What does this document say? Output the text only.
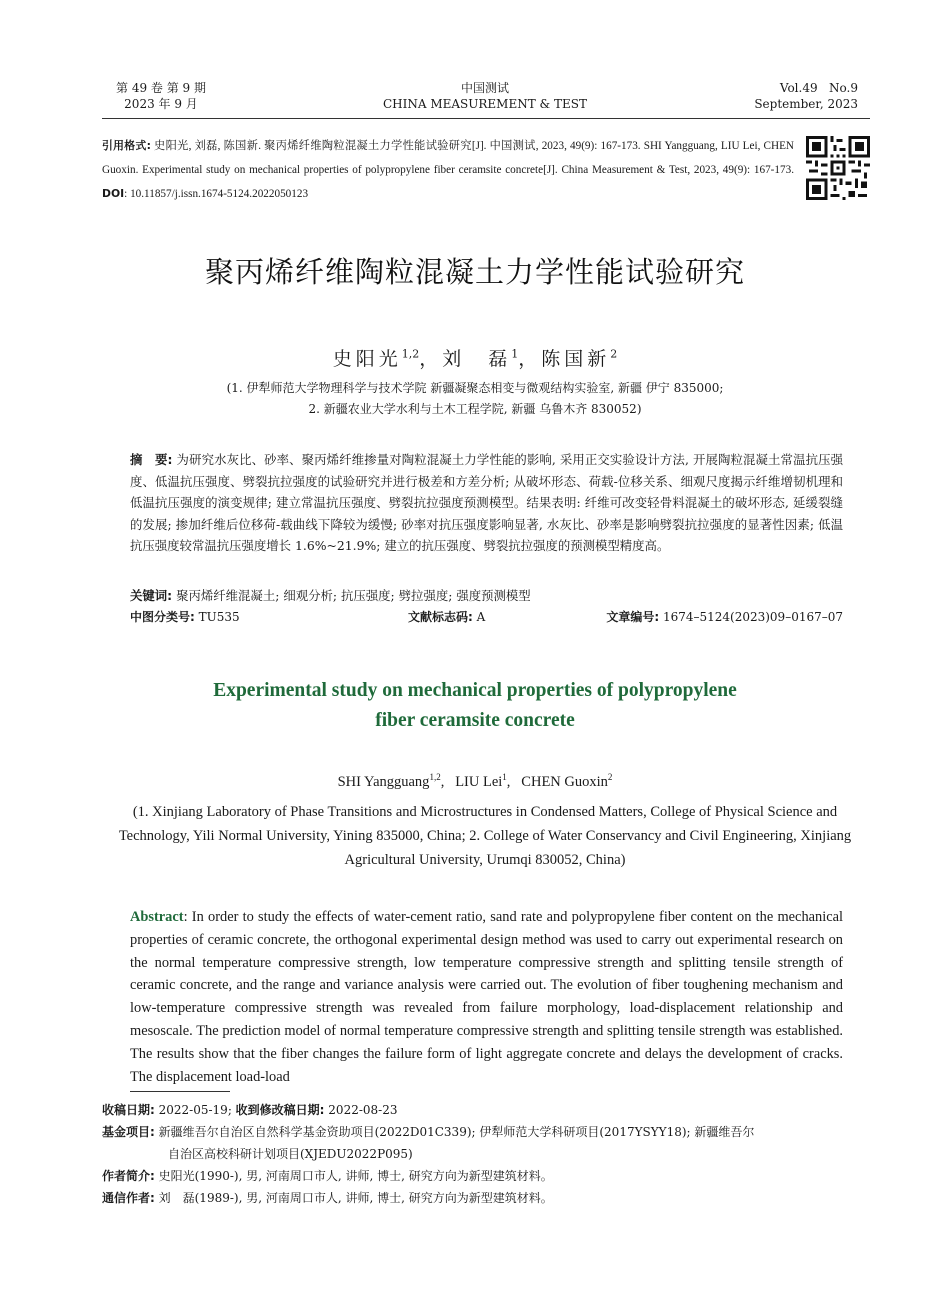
第 49 卷 第 9 期
2023 年 9 月
中国测试
CHINA MEASUREMENT & TEST
Vol.49   No.9
September, 2023
引用格式: 史阳光, 刘磊, 陈国新. 聚丙烯纤维陶粒混凝土力学性能试验研究[J]. 中国测试, 2023, 49(9): 167-173. SHI Yangguang, LIU Lei, CHEN Guoxin. Experimental study on mechanical properties of polypropylene fiber ceramsite concrete[J]. China Measurement & Test, 2023, 49(9): 167-173. DOI: 10.11857/j.issn.1674-5124.2022050123
聚丙烯纤维陶粒混凝土力学性能试验研究
史阳光$^{1,2}$，刘　磊$^1$，陈国新$^2$
(1. 伊犁师范大学物理科学与技术学院 新疆凝聚态相变与微观结构实验室, 新疆 伊宁 835000;
2. 新疆农业大学水利与土木工程学院, 新疆 乌鲁木齐 830052)
摘　要: 为研究水灰比、砂率、聚丙烯纤维掺量对陶粒混凝土力学性能的影响, 采用正交实验设计方法, 开展陶粒混凝土常温抗压强度、低温抗压强度、劈裂抗拉强度的试验研究并进行极差和方差分析; 从破坏形态、荷载-位移关系、细观尺度揭示纤维增韧机理和低温抗压强度的演变规律; 建立常温抗压强度、劈裂抗拉强度预测模型。结果表明: 纤维可改变轻骨料混凝土的破坏形态, 延缓裂缝的发展; 掺加纤维后位移荷-载曲线下降较为缓慢; 砂率对抗压强度影响显著, 水灰比、砂率是影响劈裂抗拉强度的显著性因素; 低温抗压强度较常温抗压强度增长 1.6%~21.9%; 建立的抗压强度、劈裂抗拉强度的预测模型精度高。
关键词: 聚丙烯纤维混凝土; 细观分析; 抗压强度; 劈拉强度; 强度预测模型
中图分类号: TU535	文献标志码: A	文章编号: 1674–5124(2023)09–0167–07
Experimental study on mechanical properties of polypropylene
fiber ceramsite concrete
SHI Yangguang$^{1,2}$,   LIU Lei$^1$,   CHEN Guoxin$^2$
(1. Xinjiang Laboratory of Phase Transitions and Microstructures in Condensed Matters, College of Physical Science and Technology, Yili Normal University, Yining 835000, China; 2. College of Water Conservancy and Civil Engineering, Xinjiang Agricultural University, Urumqi 830052, China)
Abstract: In order to study the effects of water-cement ratio, sand rate and polypropylene fiber content on the mechanical properties of ceramic concrete, the orthogonal experimental design method was used to carry out experimental research on the normal temperature compressive strength, low temperature compressive strength and splitting tensile strength of ceramic concrete, and the range and variance analysis were carried out. The evolution of fiber toughening mechanism and low-temperature compressive strength was revealed from failure morphology, load-displacement relationship and mesoscale. The prediction model of normal temperature compressive strength and splitting tensile strength was established. The results show that the fiber changes the failure form of light aggregate concrete and delays the development of cracks. The displacement load-load
收稿日期: 2022-05-19; 收到修改稿日期: 2022-08-23
基金项目: 新疆维吾尔自治区自然科学基金资助项目(2022D01C339); 伊犁师范大学科研项目(2017YSYY18); 新疆维吾尔
自治区高校科研计划项目(XJEDU2022P095)
作者简介: 史阳光(1990-), 男, 河南周口市人, 讲师, 博士, 研究方向为新型建筑材料。
通信作者: 刘　磊(1989-), 男, 河南周口市人, 讲师, 博士, 研究方向为新型建筑材料。
